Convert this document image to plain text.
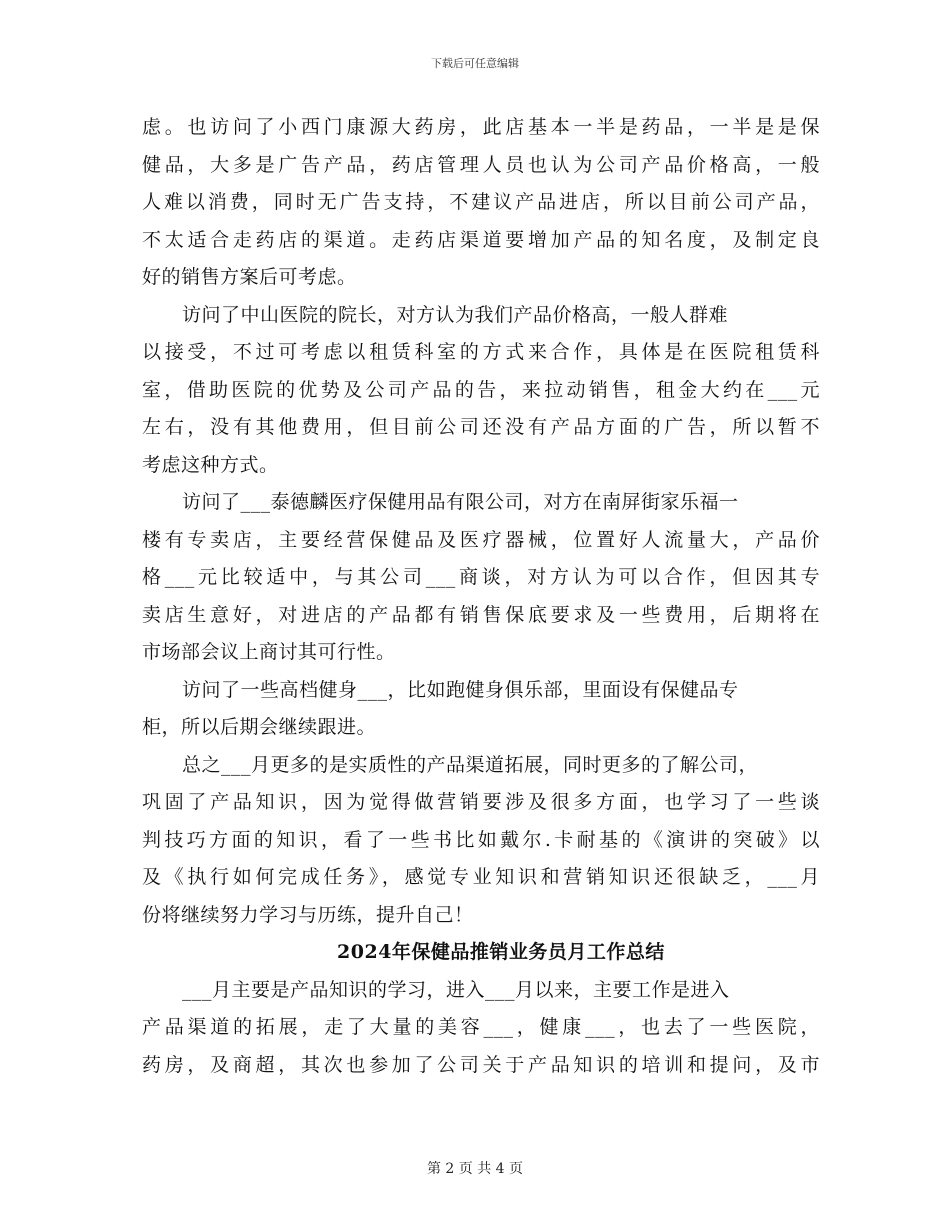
下载后可任意编辑
虑。也访问了小西门康源大药房，此店基本一半是药品，一半是是保
健品，大多是广告产品，药店管理人员也认为公司产品价格高，一般
人难以消费，同时无广告支持，不建议产品进店，所以目前公司产品，
不太适合走药店的渠道。走药店渠道要增加产品的知名度，及制定良
好的销售方案后可考虑。
访问了中山医院的院长，对方认为我们产品价格高，一般人群难
以接受，不过可考虑以租赁科室的方式来合作，具体是在医院租赁科
室，借助医院的优势及公司产品的告，来拉动销售，租金大约在___元
左右，没有其他费用，但目前公司还没有产品方面的广告，所以暂不
考虑这种方式。
访问了___泰德麟医疗保健用品有限公司，对方在南屏街家乐福一
楼有专卖店，主要经营保健品及医疗器械，位置好人流量大，产品价
格___元比较适中，与其公司___商谈，对方认为可以合作，但因其专
卖店生意好，对进店的产品都有销售保底要求及一些费用，后期将在
市场部会议上商讨其可行性。
访问了一些高档健身___，比如跑健身俱乐部，里面设有保健品专
柜，所以后期会继续跟进。
总之___月更多的是实质性的产品渠道拓展，同时更多的了解公司，
巩固了产品知识，因为觉得做营销要涉及很多方面，也学习了一些谈
判技巧方面的知识，看了一些书比如戴尔.卡耐基的《演讲的突破》以
及《执行如何完成任务》，感觉专业知识和营销知识还很缺乏，___月
份将继续努力学习与历练，提升自己！
2024年保健品推销业务员月工作总结
___月主要是产品知识的学习，进入___月以来，主要工作是进入
产品渠道的拓展，走了大量的美容___，健康___，也去了一些医院，
药房，及商超，其次也参加了公司关于产品知识的培训和提问，及市
第 2 页 共 4 页
